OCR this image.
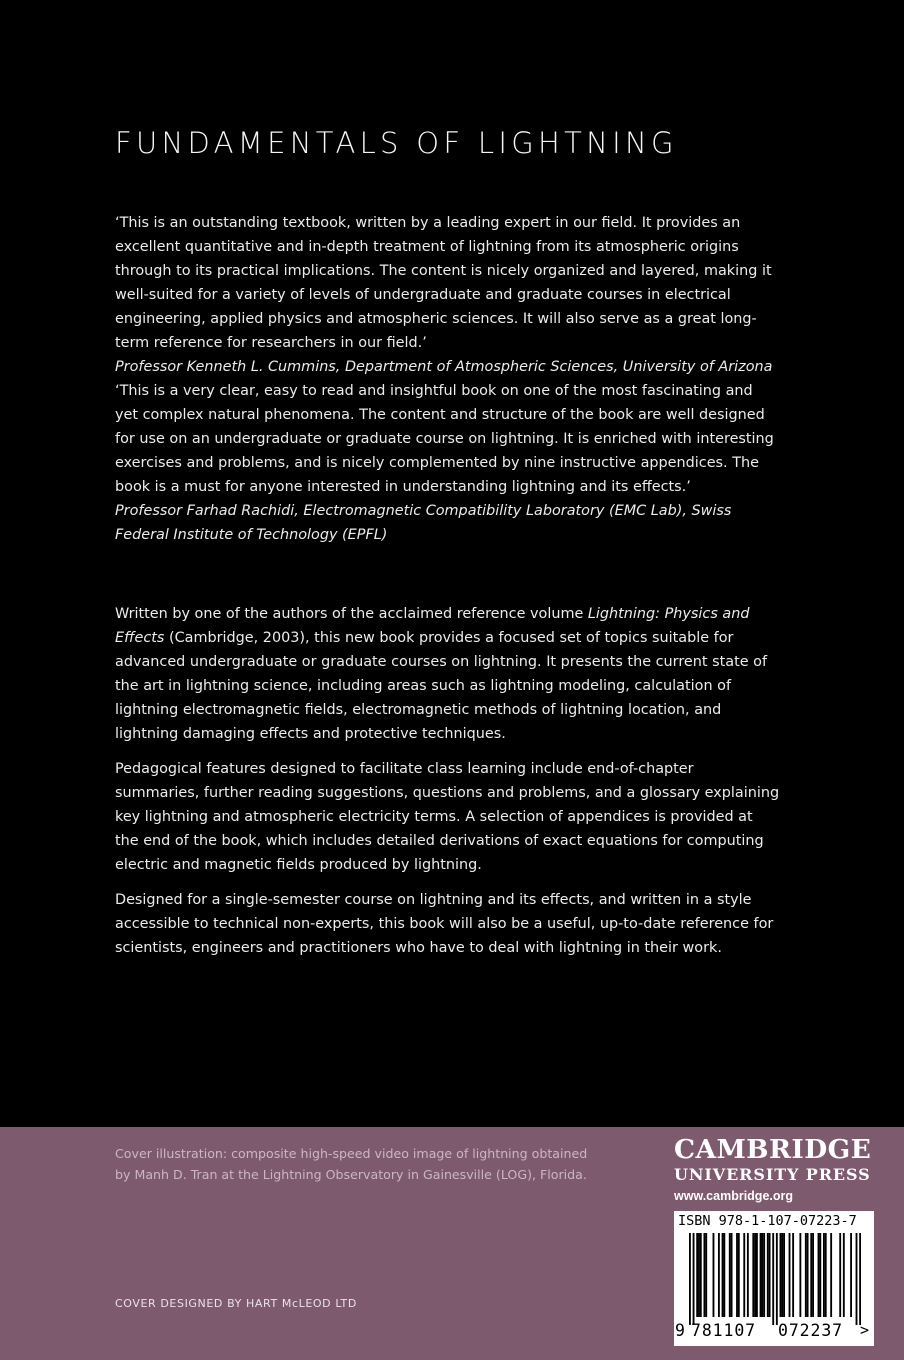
FUNDAMENTALS OF LIGHTNING

‘This is an outstanding textbook, written by a leading expert in our field. It provides an excellent quantitative and in-depth treatment of lightning from its atmospheric origins through to its practical implications. The content is nicely organized and layered, making it well-suited for a variety of levels of undergraduate and graduate courses in electrical engineering, applied physics and atmospheric sciences. It will also serve as a great long-term reference for researchers in our field.’

Professor Kenneth L. Cummins, Department of Atmospheric Sciences, University of Arizona

‘This is a very clear, easy to read and insightful book on one of the most fascinating and yet complex natural phenomena. The content and structure of the book are well designed for use on an undergraduate or graduate course on lightning. It is enriched with interesting exercises and problems, and is nicely complemented by nine instructive appendices. The book is a must for anyone interested in understanding lightning and its effects.’

Professor Farhad Rachidi, Electromagnetic Compatibility Laboratory (EMC Lab), Swiss Federal Institute of Technology (EPFL)

Written by one of the authors of the acclaimed reference volume Lightning: Physics and Effects (Cambridge, 2003), this new book provides a focused set of topics suitable for advanced undergraduate or graduate courses on lightning. It presents the current state of the art in lightning science, including areas such as lightning modeling, calculation of lightning electromagnetic fields, electromagnetic methods of lightning location, and lightning damaging effects and protective techniques.

Pedagogical features designed to facilitate class learning include end-of-chapter summaries, further reading suggestions, questions and problems, and a glossary explaining key lightning and atmospheric electricity terms. A selection of appendices is provided at the end of the book, which includes detailed derivations of exact equations for computing electric and magnetic fields produced by lightning.

Designed for a single-semester course on lightning and its effects, and written in a style accessible to technical non-experts, this book will also be a useful, up-to-date reference for scientists, engineers and practitioners who have to deal with lightning in their work.

Cover illustration: composite high-speed video image of lightning obtained by Manh D. Tran at the Lightning Observatory in Gainesville (LOG), Florida.

COVER DESIGNED BY HART McLEOD LTD

CAMBRIDGE
UNIVERSITY PRESS
www.cambridge.org
ISBN 978-1-107-07223-7
9 781107 072237 >
